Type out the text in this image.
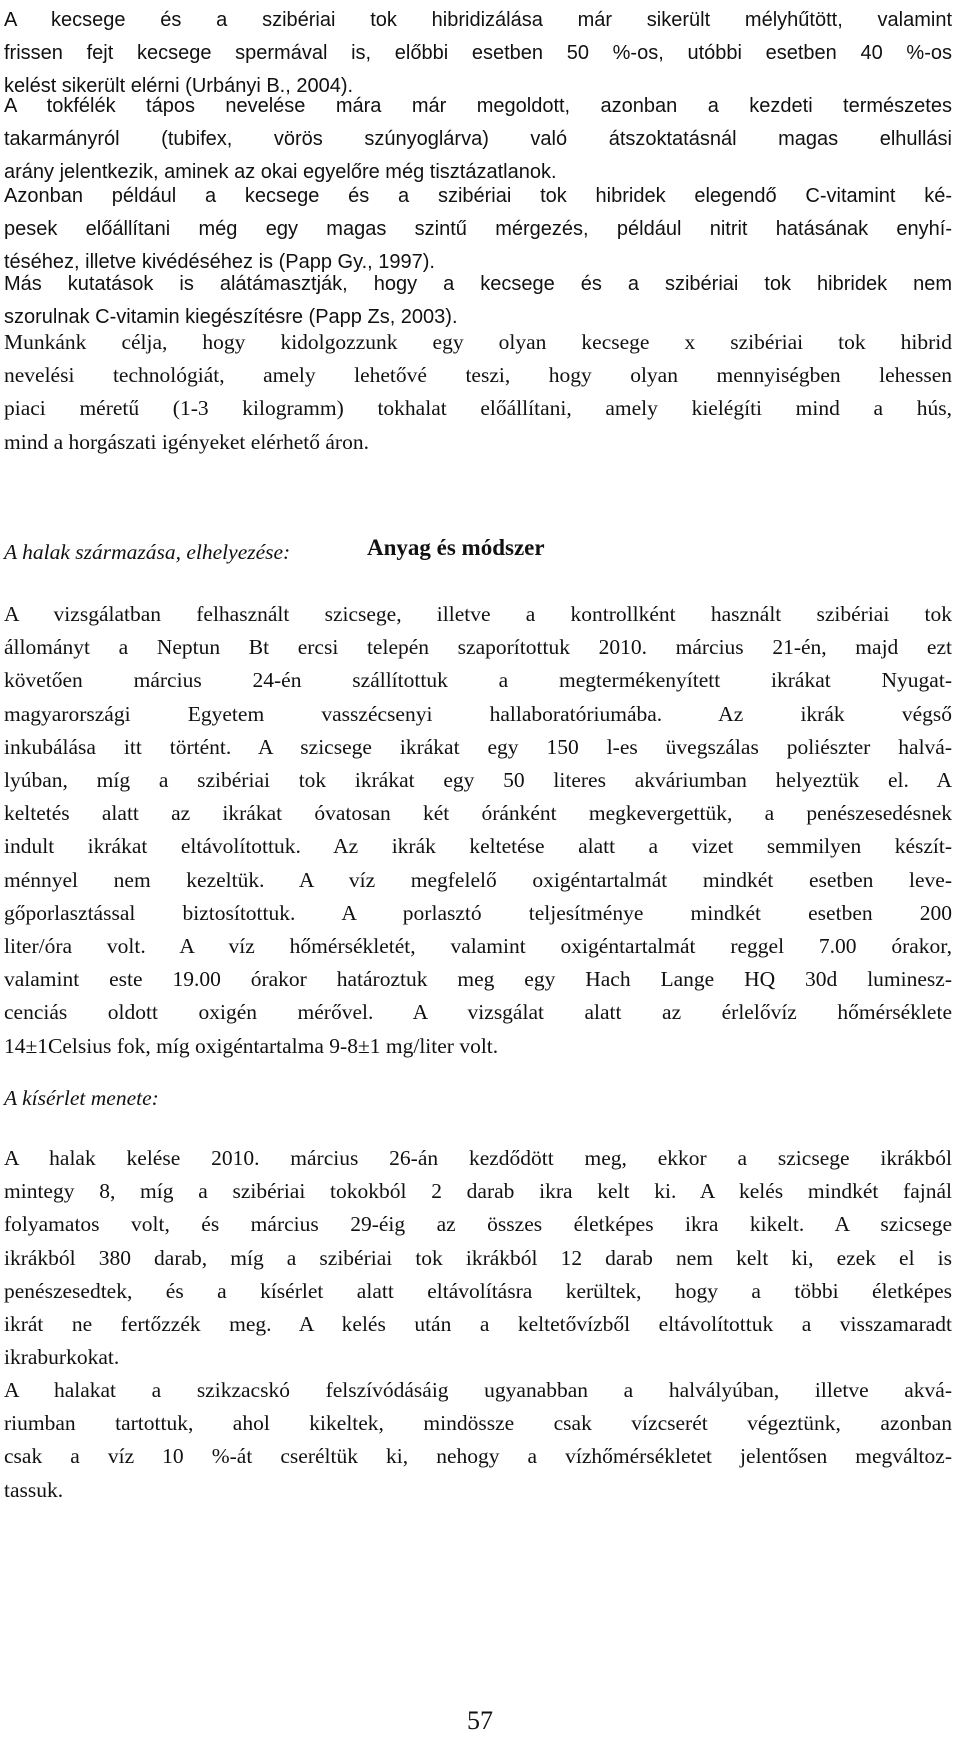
A kecsege és a szibériai tok hibridizálása már sikerült mélyhűtött, valamint
frissen fejt kecsege spermával is, előbbi esetben 50 %-os, utóbbi esetben 40 %-os
kelést sikerült elérni (Urbányi B., 2004).
A tokfélék tápos nevelése mára már megoldott, azonban a kezdeti természetes
takarmányról (tubifex, vörös szúnyoglárva) való átszoktatásnál magas elhullási
arány jelentkezik, aminek az okai egyelőre még tisztázatlanok.
Azonban például a kecsege és a szibériai tok hibridek elegendő C-vitamint ké-
pesek előállítani még egy magas szintű mérgezés, például nitrit hatásának enyhí-
téséhez, illetve kivédéséhez is (Papp Gy., 1997).
Más kutatások is alátámasztják, hogy a kecsege és a szibériai tok hibridek nem
szorulnak C-vitamin kiegészítésre (Papp Zs, 2003).
Munkánk célja, hogy kidolgozzunk egy olyan kecsege x szibériai tok hibrid
nevelési technológiát, amely lehetővé teszi, hogy olyan mennyiségben lehessen
piaci méretű (1-3 kilogramm) tokhalat előállítani, amely kielégíti mind a hús,
mind a horgászati igényeket elérhető áron.
Anyag és módszer

A halak származása, elhelyezése:

A vizsgálatban felhasznált szicsege, illetve a kontrollként használt szibériai tok
állományt a Neptun Bt ercsi telepén szaporítottuk 2010. március 21-én, majd ezt
követően március 24-én szállítottuk a megtermékenyített ikrákat Nyugat-
magyarországi Egyetem vasszécsenyi hallaboratóriumába. Az ikrák végső
inkubálása itt történt. A szicsege ikrákat egy 150 l-es üvegszálas poliészter halvá-
lyúban, míg a szibériai tok ikrákat egy 50 literes akváriumban helyeztük el. A
keltetés alatt az ikrákat óvatosan két óránként megkevergettük, a penészesedésnek
indult ikrákat eltávolítottuk. Az ikrák keltetése alatt a vizet semmilyen készít-
ménnyel nem kezeltük. A víz megfelelő oxigéntartalmát mindkét esetben leve-
gőporlasztással biztosítottuk. A porlasztó teljesítménye mindkét esetben 200
liter/óra volt. A víz hőmérsékletét, valamint oxigéntartalmát reggel 7.00 órakor,
valamint este 19.00 órakor határoztuk meg egy Hach Lange HQ 30d luminesz-
cenciás oldott oxigén mérővel. A vizsgálat alatt az érlelővíz hőmérséklete
14±1Celsius fok, míg oxigéntartalma 9-8±1 mg/liter volt.

A kísérlet menete:

A halak kelése 2010. március 26-án kezdődött meg, ekkor a szicsege ikrákból
mintegy 8, míg a szibériai tokokból 2 darab ikra kelt ki. A kelés mindkét fajnál
folyamatos volt, és március 29-éig az összes életképes ikra kikelt. A szicsege
ikrákból 380 darab, míg a szibériai tok ikrákból 12 darab nem kelt ki, ezek el is
penészesedtek, és a kísérlet alatt eltávolításra kerültek, hogy a többi életképes
ikrát ne fertőzzék meg. A kelés után a keltetővízből eltávolítottuk a visszamaradt
ikraburkokat.
A halakat a szikzacskó felszívódásáig ugyanabban a halvályúban, illetve akvá-
riumban tartottuk, ahol kikeltek, mindössze csak vízcserét végeztünk, azonban
csak a víz 10 %-át cseréltük ki, nehogy a vízhőmérsékletet jelentősen megváltoz-
tassuk.
57
